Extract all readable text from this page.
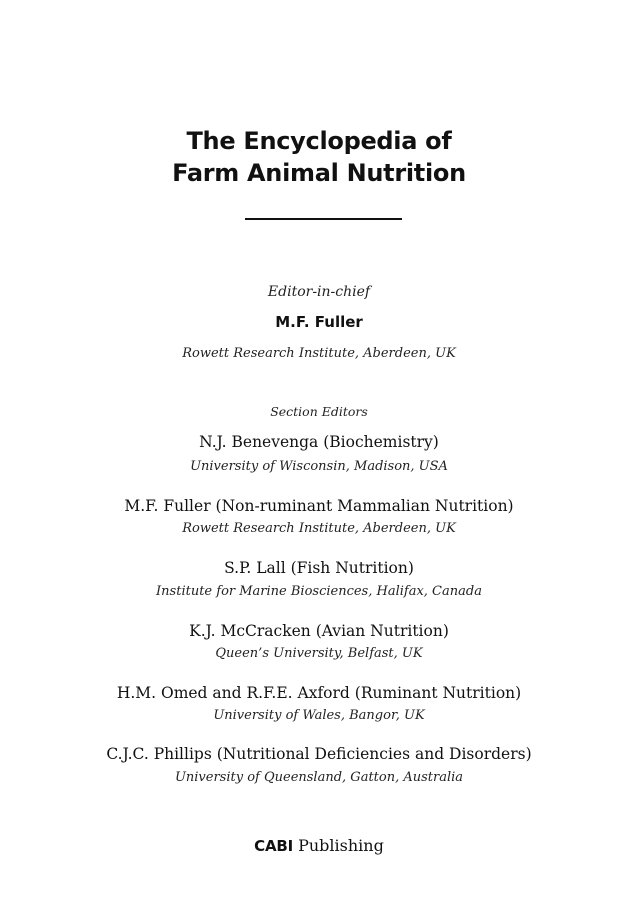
The Encyclopedia of
Farm Animal Nutrition
Editor-in-chief
M.F. Fuller
Rowett Research Institute, Aberdeen, UK
Section Editors
N.J. Benevenga (Biochemistry)
University of Wisconsin, Madison, USA
M.F. Fuller (Non-ruminant Mammalian Nutrition)
Rowett Research Institute, Aberdeen, UK
S.P. Lall (Fish Nutrition)
Institute for Marine Biosciences, Halifax, Canada
K.J. McCracken (Avian Nutrition)
Queen’s University, Belfast, UK
H.M. Omed and R.F.E. Axford (Ruminant Nutrition)
University of Wales, Bangor, UK
C.J.C. Phillips (Nutritional Deficiencies and Disorders)
University of Queensland, Gatton, Australia
CABI Publishing
